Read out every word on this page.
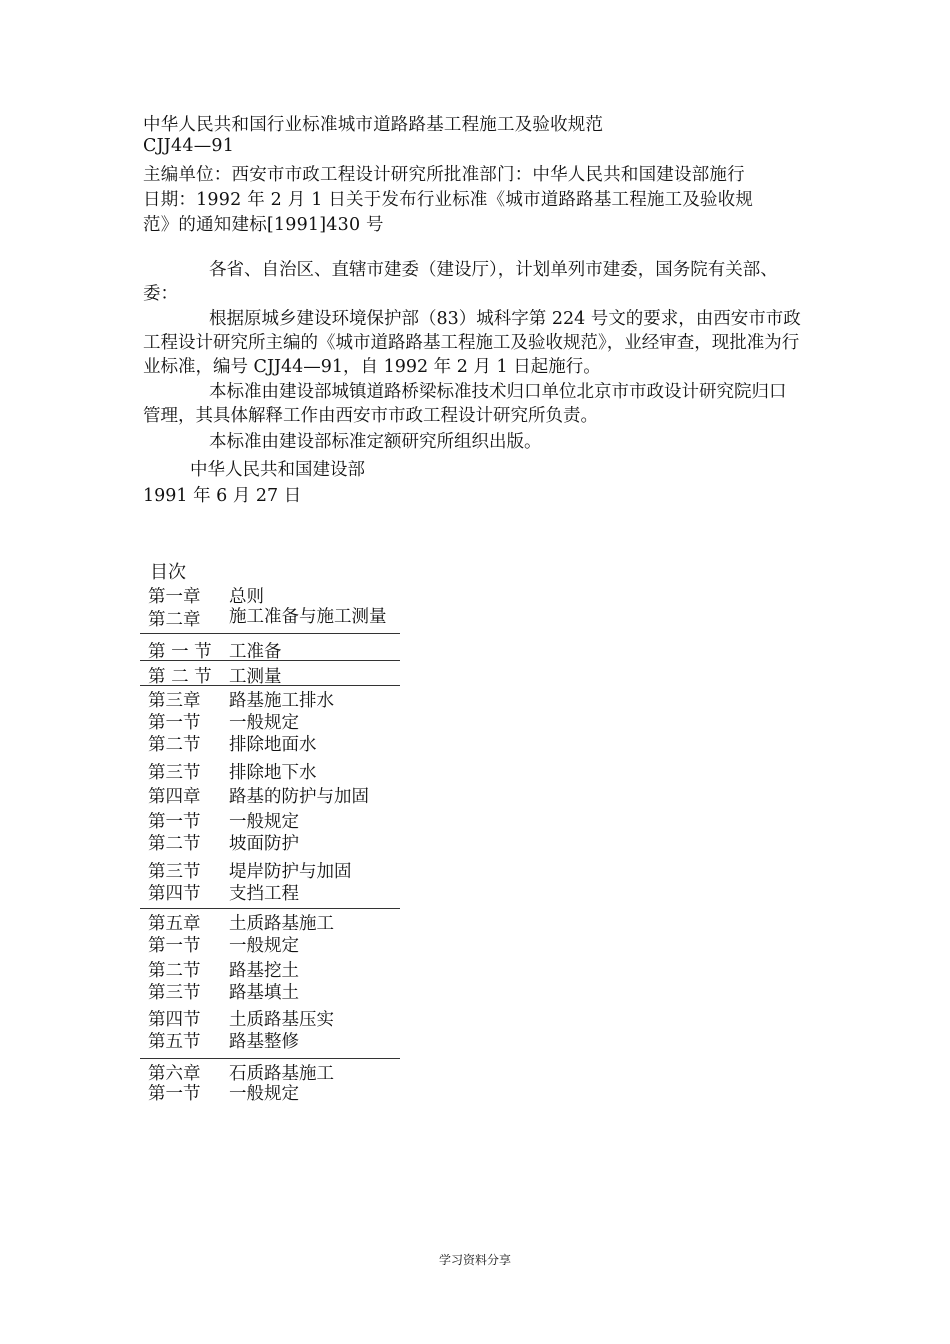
中华人民共和国行业标准城市道路路基工程施工及验收规范
CJJ44—91
主编单位：西安市市政工程设计研究所批准部门：中华人民共和国建设部施行
日期：1992 年 2 月 1 日关于发布行业标准《城市道路路基工程施工及验收规
范》的通知建标[1991]430 号
各省、自治区、直辖市建委（建设厅），计划单列市建委，国务院有关部、委：
根据原城乡建设环境保护部（83）城科字第 224 号文的要求，由西安市市政工程设计研究所主编的《城市道路路基工程施工及验收规范》，业经审查，现批准为行业标准，编号 CJJ44—91，自 1992 年 2 月 1 日起施行。
本标准由建设部城镇道路桥梁标准技术归口单位北京市市政设计研究院归口管理，其具体解释工作由西安市市政工程设计研究所负责。
本标准由建设部标准定额研究所组织出版。
中华人民共和国建设部
1991 年 6 月 27 日
目次
第一章 总则
第二章 施工准备与施工测量
第 一 节 工准备
第 二 节 工测量
第三章 路基施工排水
第一节 一般规定
第二节 排除地面水
第三节 排除地下水
第四章 路基的防护与加固
第一节 一般规定
第二节 坡面防护
第三节 堤岸防护与加固
第四节 支挡工程
第五章 土质路基施工
第一节 一般规定
第二节 路基挖土
第三节 路基填土
第四节 土质路基压实
第五节 路基整修
第六章 石质路基施工
第一节 一般规定
学习资料分享
